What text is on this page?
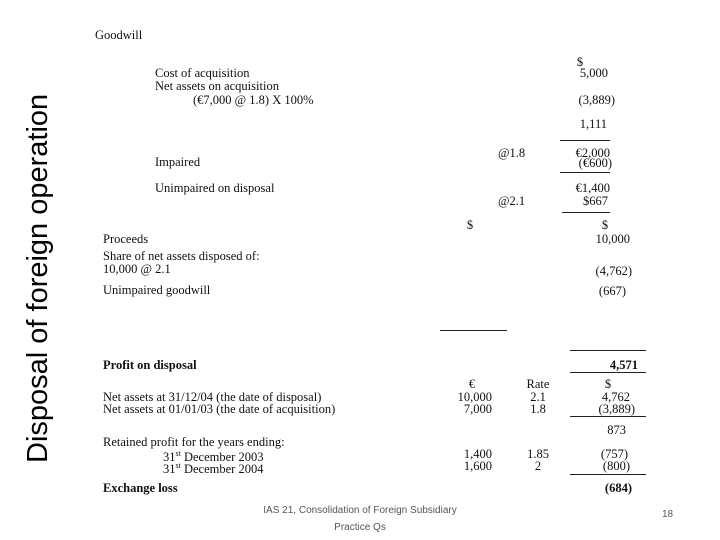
Disposal of foreign operation
Goodwill
$
Cost of acquisition	5,000
Net assets on acquisition
(€7,000 @ 1.8) X 100%	(3,889)
1,111
@1.8	€2,000
Impaired	(€600)
Unimpaired on disposal	€1,400
@2.1	$667
$	$
Proceeds	10,000
Share of net assets disposed of:
10,000 @ 2.1	(4,762)
Unimpaired goodwill	(667)
Profit on disposal	4,571
€	Rate	$
Net assets at 31/12/04 (the date of disposal)	10,000	2.1	4,762
Net assets at 01/01/03 (the date of acquisition)	7,000	1.8	(3,889)
873
Retained profit for the years ending:
31st December 2003	1,400	1.85	(757)
31st December 2004	1,600	2	(800)
Exchange loss	(684)
IAS 21, Consolidation of Foreign Subsidiary
Practice Qs
18
